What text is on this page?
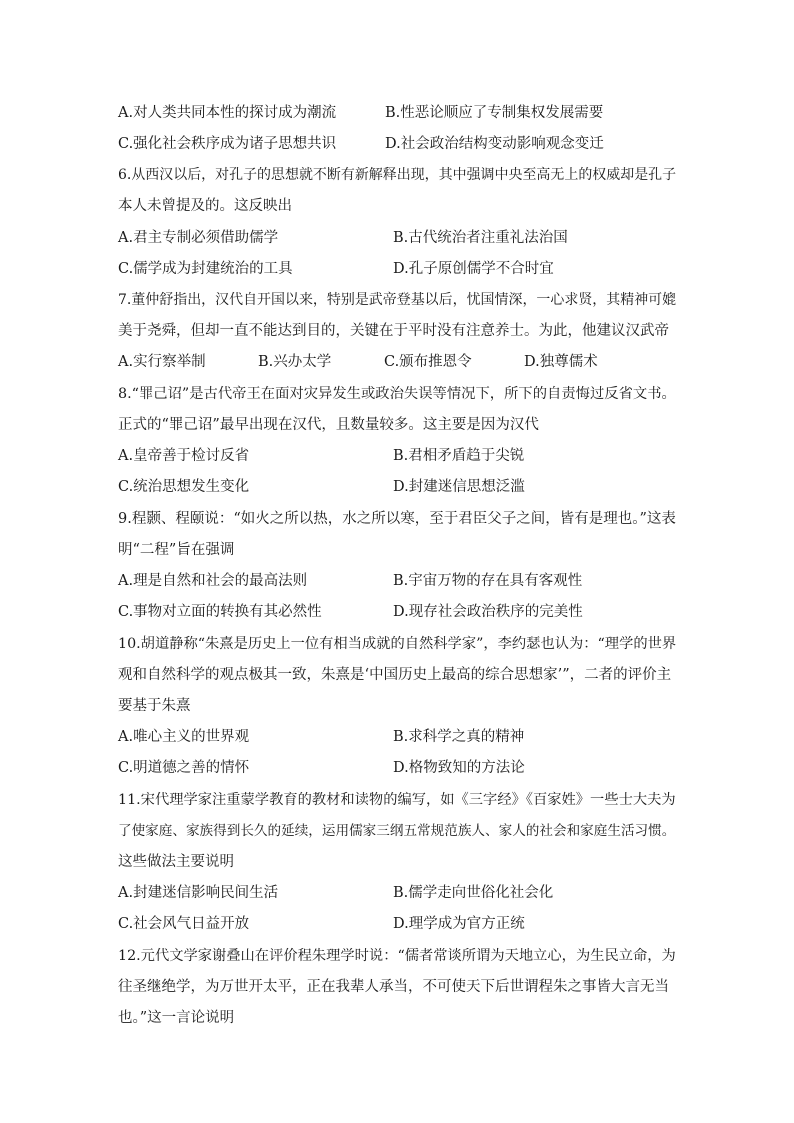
A.对人类共同本性的探讨成为潮流	B.性恶论顺应了专制集权发展需要
C.强化社会秩序成为诸子思想共识	D.社会政治结构变动影响观念变迁
6.从西汉以后，对孔子的思想就不断有新解释出现，其中强调中央至高无上的权威却是孔子
本人未曾提及的。这反映出
A.君主专制必须借助儒学	B.古代统治者注重礼法治国
C.儒学成为封建统治的工具	D.孔子原创儒学不合时宜
7.董仲舒指出，汉代自开国以来，特别是武帝登基以后，忧国情深，一心求贤，其精神可媲
美于尧舜，但却一直不能达到目的，关键在于平时没有注意养士。为此，他建议汉武帝
A.实行察举制	B.兴办太学	C.颁布推恩令	D.独尊儒术
8.“罪己诏”是古代帝王在面对灾异发生或政治失误等情况下，所下的自责悔过反省文书。
正式的“罪己诏”最早出现在汉代，且数量较多。这主要是因为汉代
A.皇帝善于检讨反省	B.君相矛盾趋于尖锐
C.统治思想发生变化	D.封建迷信思想泛滥
9.程颢、程颐说：“如火之所以热，水之所以寒，至于君臣父子之间，皆有是理也。”这表
明“二程”旨在强调
A.理是自然和社会的最高法则	B.宇宙万物的存在具有客观性
C.事物对立面的转换有其必然性	D.现存社会政治秩序的完美性
10.胡道静称“朱熹是历史上一位有相当成就的自然科学家”，李约瑟也认为：“理学的世界
观和自然科学的观点极其一致，朱熹是‘中国历史上最高的综合思想家’”，二者的评价主
要基于朱熹
A.唯心主义的世界观	B.求科学之真的精神
C.明道德之善的情怀	D.格物致知的方法论
11.宋代理学家注重蒙学教育的教材和读物的编写，如《三字经》《百家姓》一些士大夫为
了使家庭、家族得到长久的延续，运用儒家三纲五常规范族人、家人的社会和家庭生活习惯。
这些做法主要说明
A.封建迷信影响民间生活	B.儒学走向世俗化社会化
C.社会风气日益开放	D.理学成为官方正统
12.元代文学家谢叠山在评价程朱理学时说：“儒者常谈所谓为天地立心，为生民立命，为
往圣继绝学，为万世开太平，正在我辈人承当，不可使天下后世谓程朱之事皆大言无当
也。”这一言论说明
